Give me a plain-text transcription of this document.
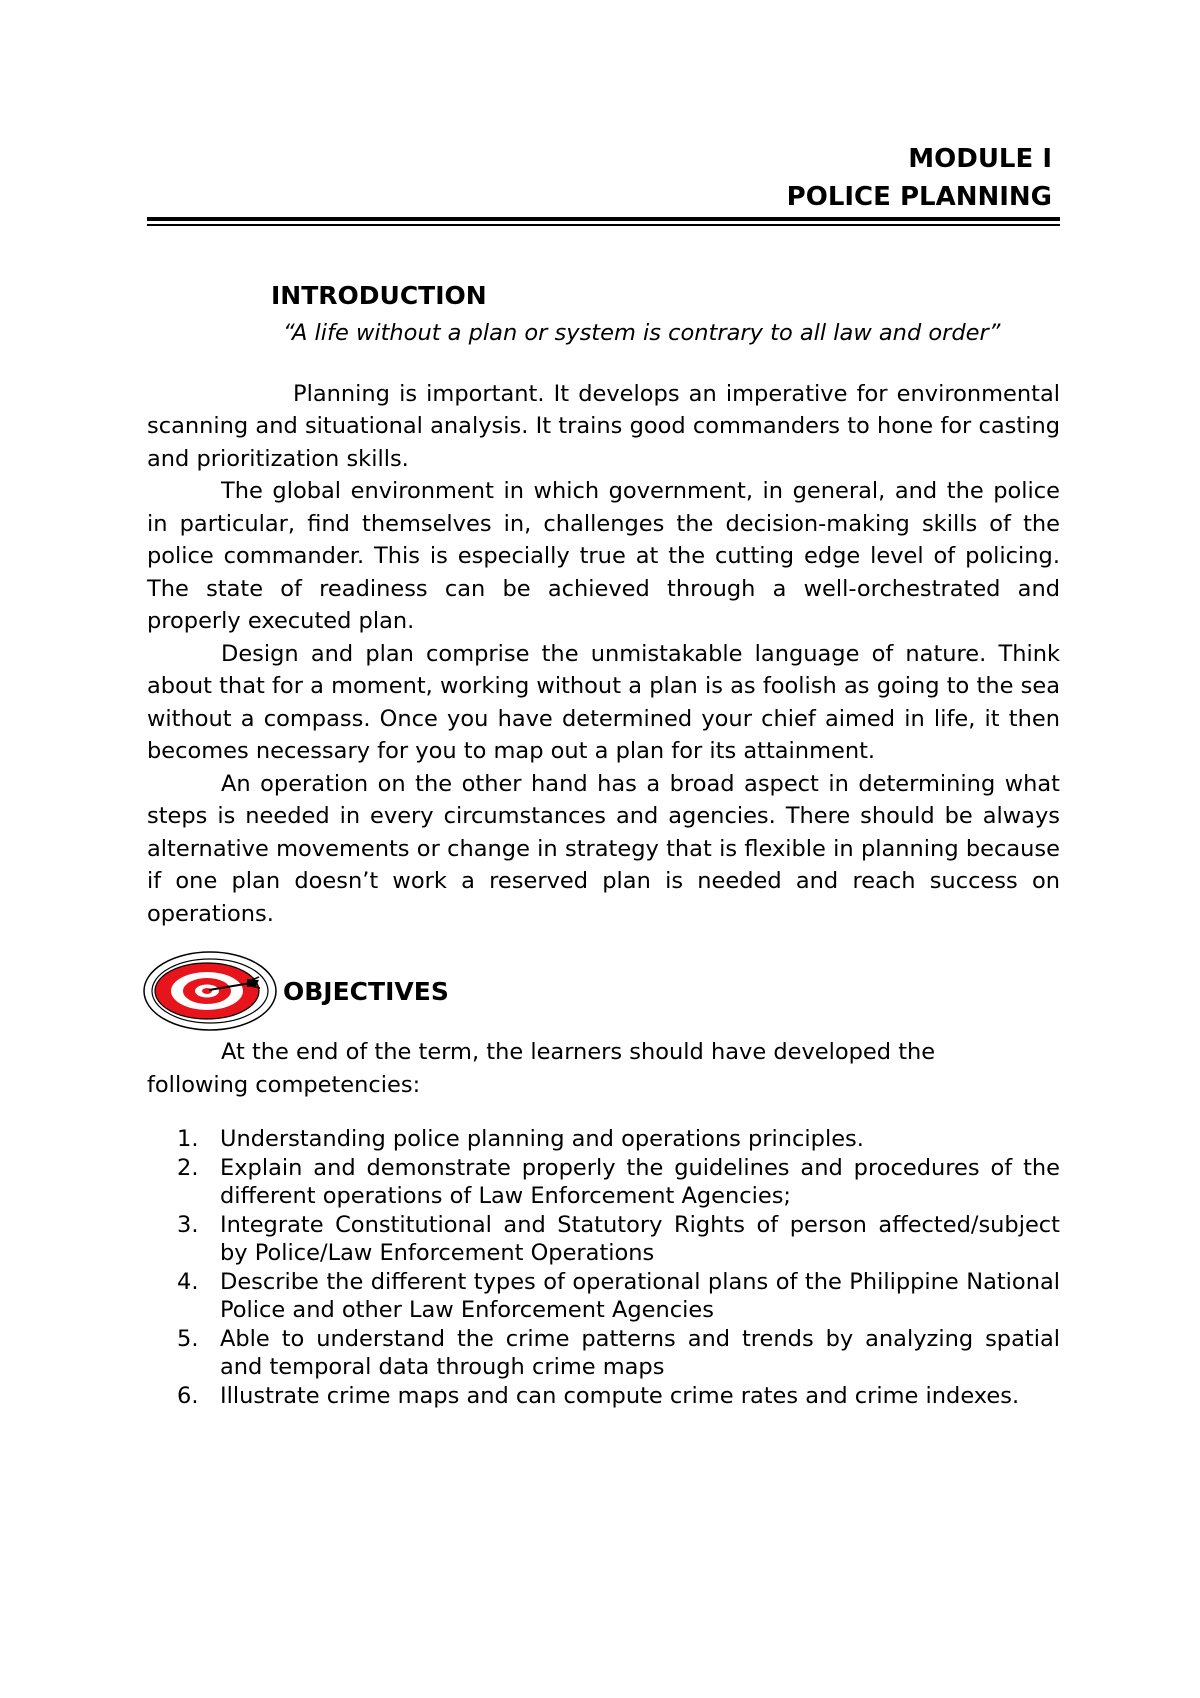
MODULE I
POLICE PLANNING
INTRODUCTION
“A life without a plan or system is contrary to all law and order”

Planning is important. It develops an imperative for environmental scanning and situational analysis. It trains good commanders to hone for casting and prioritization skills.

The global environment in which government, in general, and the police in particular, find themselves in, challenges the decision-making skills of the police commander. This is especially true at the cutting edge level of policing. The state of readiness can be achieved through a well-orchestrated and properly executed plan.

Design and plan comprise the unmistakable language of nature. Think about that for a moment, working without a plan is as foolish as going to the sea without a compass. Once you have determined your chief aimed in life, it then becomes necessary for you to map out a plan for its attainment.

An operation on the other hand has a broad aspect in determining what steps is needed in every circumstances and agencies. There should be always alternative movements or change in strategy that is flexible in planning because if one plan doesn’t work a reserved plan is needed and reach success on operations.

OBJECTIVES

At the end of the term, the learners should have developed the following competencies:

1. Understanding police planning and operations principles.
2. Explain and demonstrate properly the guidelines and procedures of the different operations of Law Enforcement Agencies;
3. Integrate Constitutional and Statutory Rights of person affected/subject by Police/Law Enforcement Operations
4. Describe the different types of operational plans of the Philippine National Police and other Law Enforcement Agencies
5. Able to understand the crime patterns and trends by analyzing spatial and temporal data through crime maps
6. Illustrate crime maps and can compute crime rates and crime indexes.
